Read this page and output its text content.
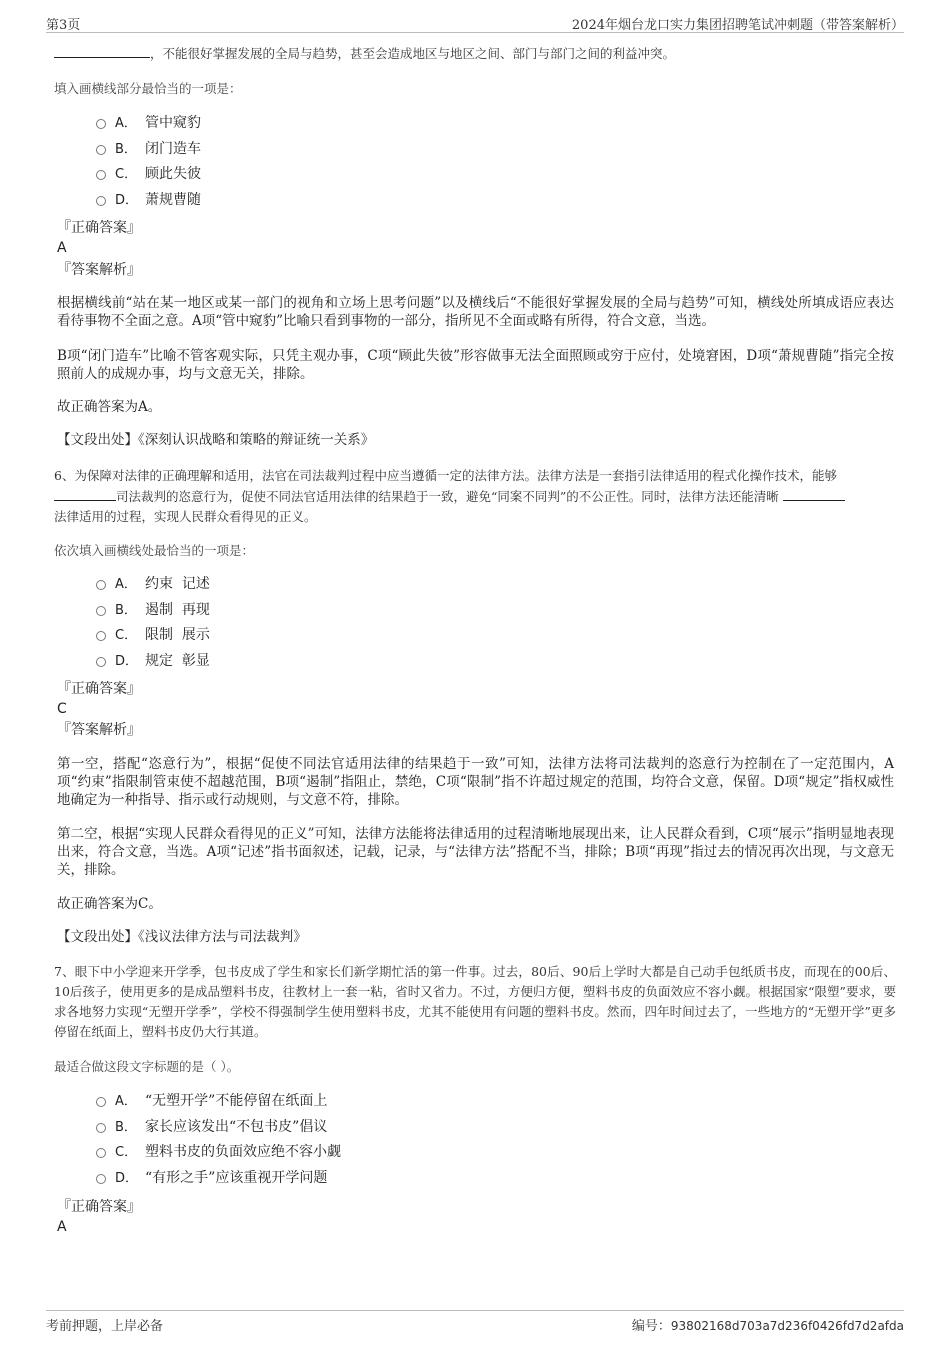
第3页	2024年烟台龙口实力集团招聘笔试冲刺题（带答案解析）
，不能很好掌握发展的全局与趋势，甚至会造成地区与地区之间、部门与部门之间的利益冲突。
填入画横线部分最恰当的一项是：
A． 管中窥豹
B． 闭门造车
C． 顾此失彼
D． 萧规曹随
『正确答案』
A
『答案解析』
根据横线前“站在某一地区或某一部门的视角和立场上思考问题”以及横线后“不能很好掌握发展的全局与趋势”可知，横线处所填成语应表达看待事物不全面之意。A项“管中窥豹”比喻只看到事物的一部分，指所见不全面或略有所得，符合文意，当选。
B项“闭门造车”比喻不管客观实际，只凭主观办事，C项“顾此失彼”形容做事无法全面照顾或穷于应付，处境窘困，D项“萧规曹随”指完全按照前人的成规办事，均与文意无关，排除。
故正确答案为A。
【文段出处】《深刻认识战略和策略的辩证统一关系》
6、为保障对法律的正确理解和适用，法官在司法裁判过程中应当遵循一定的法律方法。法律方法是一套指引法律适用的程式化操作技术，能够
司法裁判的恣意行为，促使不同法官适用法律的结果趋于一致，避免“同案不同判”的不公正性。同时，法律方法还能清晰
法律适用的过程，实现人民群众看得见的正义。
依次填入画横线处最恰当的一项是：
A． 约束  记述
B． 遏制  再现
C． 限制  展示
D． 规定  彰显
『正确答案』
C
『答案解析』
第一空，搭配“恣意行为”，根据“促使不同法官适用法律的结果趋于一致”可知，法律方法将司法裁判的恣意行为控制在了一定范围内，A项“约束”指限制管束使不超越范围，B项“遏制”指阻止，禁绝，C项“限制”指不许超过规定的范围，均符合文意，保留。D项“规定”指权威性地确定为一种指导、指示或行动规则，与文意不符，排除。
第二空，根据“实现人民群众看得见的正义”可知，法律方法能将法律适用的过程清晰地展现出来，让人民群众看到，C项“展示”指明显地表现出来，符合文意，当选。A项“记述”指书面叙述，记载，记录，与“法律方法”搭配不当，排除；B项“再现”指过去的情况再次出现，与文意无关，排除。
故正确答案为C。
【文段出处】《浅议法律方法与司法裁判》
7、眼下中小学迎来开学季，包书皮成了学生和家长们新学期忙活的第一件事。过去，80后、90后上学时大都是自己动手包纸质书皮，而现在的00后、10后孩子，使用更多的是成品塑料书皮，往教材上一套一粘，省时又省力。不过，方便归方便，塑料书皮的负面效应不容小觑。根据国家“限塑”要求，要求各地努力实现“无塑开学季”，学校不得强制学生使用塑料书皮，尤其不能使用有问题的塑料书皮。然而，四年时间过去了，一些地方的“无塑开学”更多停留在纸面上，塑料书皮仍大行其道。
最适合做这段文字标题的是（ ）。
A． “无塑开学”不能停留在纸面上
B． 家长应该发出“不包书皮”倡议
C． 塑料书皮的负面效应绝不容小觑
D． “有形之手”应该重视开学问题
『正确答案』
A
考前押题，上岸必备	编号：93802168d703a7d236f0426fd7d2afda
